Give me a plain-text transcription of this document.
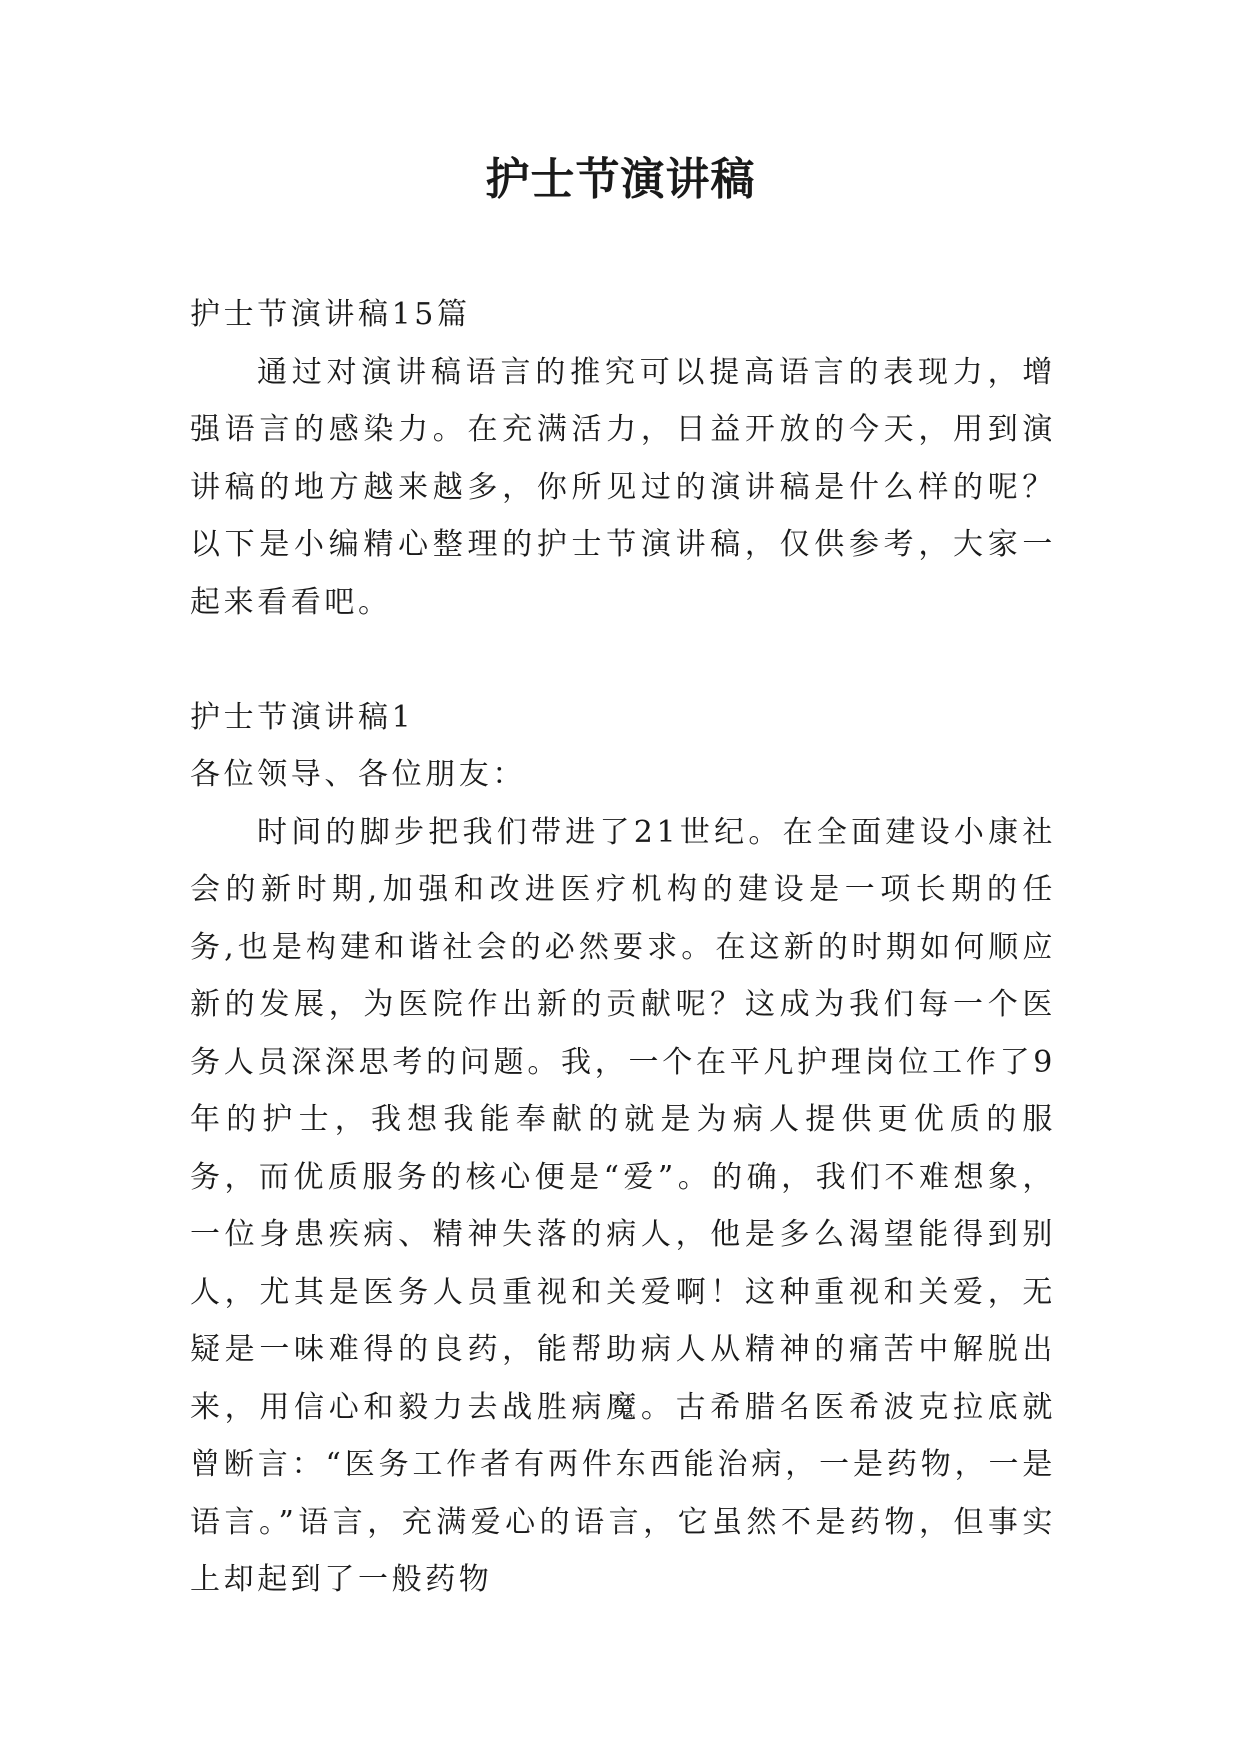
护士节演讲稿

护士节演讲稿15篇

通过对演讲稿语言的推究可以提高语言的表现力，增强语言的感染力。在充满活力，日益开放的今天，用到演讲稿的地方越来越多，你所见过的演讲稿是什么样的呢？以下是小编精心整理的护士节演讲稿，仅供参考，大家一起来看看吧。

护士节演讲稿1

各位领导、各位朋友：

时间的脚步把我们带进了21世纪。在全面建设小康社会的新时期,加强和改进医疗机构的建设是一项长期的任务,也是构建和谐社会的必然要求。在这新的时期如何顺应新的发展，为医院作出新的贡献呢？这成为我们每一个医务人员深深思考的问题。我，一个在平凡护理岗位工作了9年的护士，我想我能奉献的就是为病人提供更优质的服务，而优质服务的核心便是“爱”。的确，我们不难想象，一位身患疾病、精神失落的病人，他是多么渴望能得到别人，尤其是医务人员重视和关爱啊！这种重视和关爱，无疑是一味难得的良药，能帮助病人从精神的痛苦中解脱出来，用信心和毅力去战胜病魔。古希腊名医希波克拉底就曾断言：“医务工作者有两件东西能治病，一是药物，一是语言。”语言，充满爱心的语言，它虽然不是药物，但事实上却起到了一般药物
